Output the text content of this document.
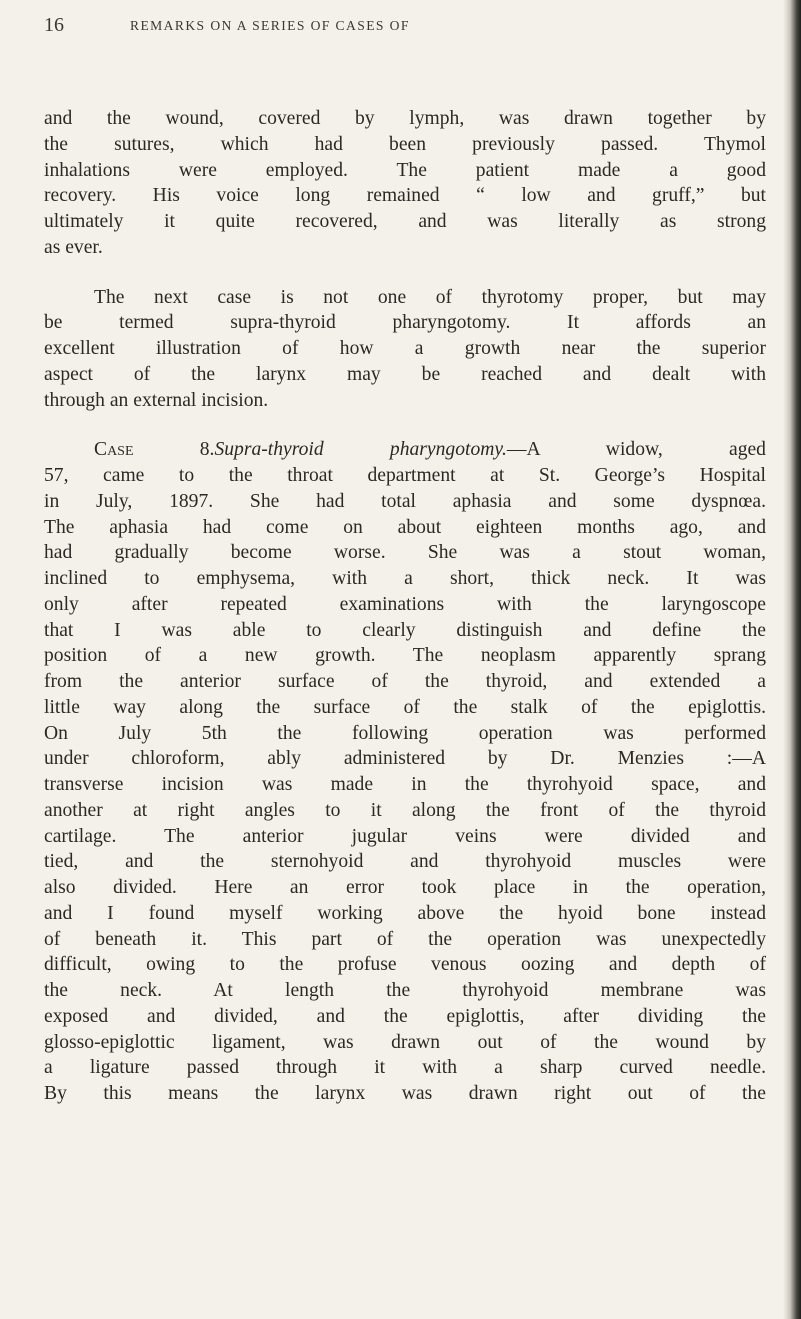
16	REMARKS ON A SERIES OF CASES OF
and the wound, covered by lymph, was drawn together by
the sutures, which had been previously passed. Thymol
inhalations were employed. The patient made a good
recovery. His voice long remained “ low and gruff,” but
ultimately it quite recovered, and was literally as strong
as ever.
The next case is not one of thyrotomy proper, but may
be termed supra-thyroid pharyngotomy. It affords an
excellent illustration of how a growth near the superior
aspect of the larynx may be reached and dealt with
through an external incision.
Case 8.Supra-thyroid pharyngotomy.—A widow, aged
57, came to the throat department at St. George’s Hospital
in July, 1897. She had total aphasia and some dyspnœa.
The aphasia had come on about eighteen months ago, and
had gradually become worse. She was a stout woman,
inclined to emphysema, with a short, thick neck. It was
only after repeated examinations with the laryngoscope
that I was able to clearly distinguish and define the
position of a new growth. The neoplasm apparently sprang
from the anterior surface of the thyroid, and extended a
little way along the surface of the stalk of the epiglottis.
On July 5th the following operation was performed
under chloroform, ably administered by Dr. Menzies :—A
transverse incision was made in the thyrohyoid space, and
another at right angles to it along the front of the thyroid
cartilage. The anterior jugular veins were divided and
tied, and the sternohyoid and thyrohyoid muscles were
also divided. Here an error took place in the operation,
and I found myself working above the hyoid bone instead
of beneath it. This part of the operation was unexpectedly
difficult, owing to the profuse venous oozing and depth of
the neck. At length the thyrohyoid membrane was
exposed and divided, and the epiglottis, after dividing the
glosso-epiglottic ligament, was drawn out of the wound by
a ligature passed through it with a sharp curved needle.
By this means the larynx was drawn right out of the
